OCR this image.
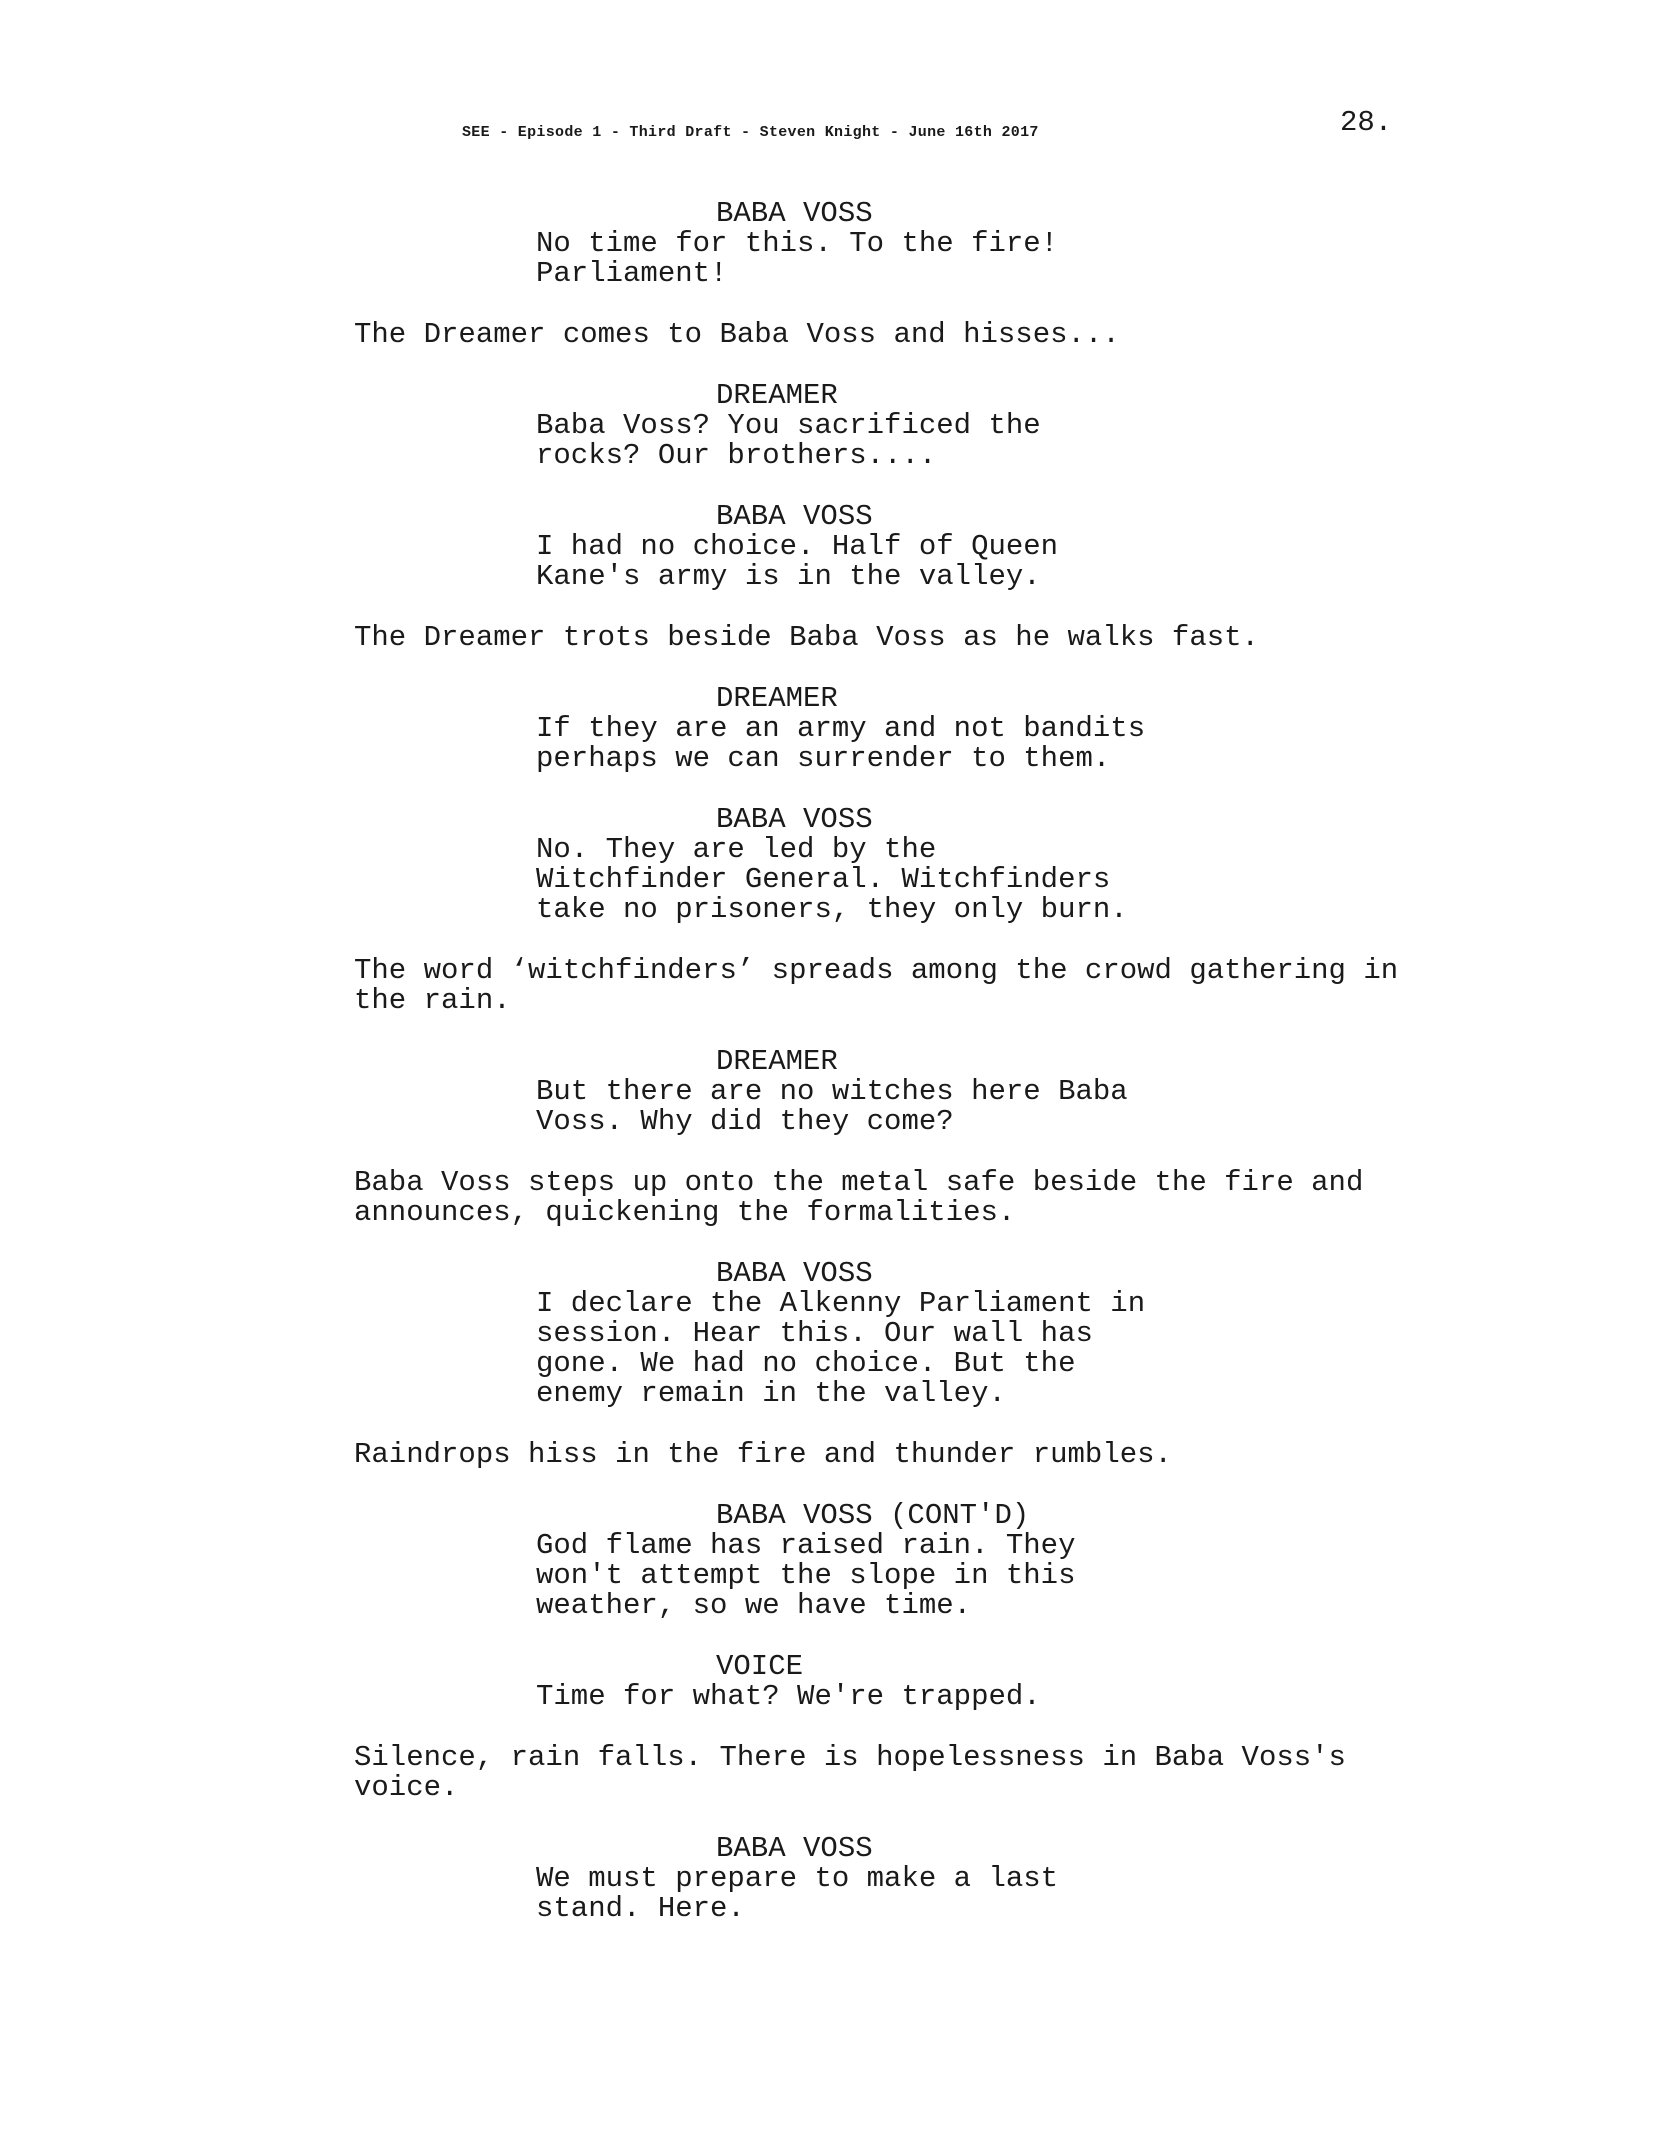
SEE - Episode 1 - Third Draft - Steven Knight - June 16th 2017	28.
BABA VOSS
No time for this. To the fire!
Parliament!
The Dreamer comes to Baba Voss and hisses...
DREAMER
Baba Voss? You sacrificed the
rocks? Our brothers....
BABA VOSS
I had no choice. Half of Queen
Kane's army is in the valley.
The Dreamer trots beside Baba Voss as he walks fast.
DREAMER
If they are an army and not bandits
perhaps we can surrender to them.
BABA VOSS
No. They are led by the
Witchfinder General. Witchfinders
take no prisoners, they only burn.
The word ‘witchfinders’ spreads among the crowd gathering in
the rain.
DREAMER
But there are no witches here Baba
Voss. Why did they come?
Baba Voss steps up onto the metal safe beside the fire and
announces, quickening the formalities.
BABA VOSS
I declare the Alkenny Parliament in
session. Hear this. Our wall has
gone. We had no choice. But the
enemy remain in the valley.
Raindrops hiss in the fire and thunder rumbles.
BABA VOSS (CONT'D)
God flame has raised rain. They
won't attempt the slope in this
weather, so we have time.
VOICE
Time for what? We're trapped.
Silence, rain falls. There is hopelessness in Baba Voss's
voice.
BABA VOSS
We must prepare to make a last
stand. Here.
